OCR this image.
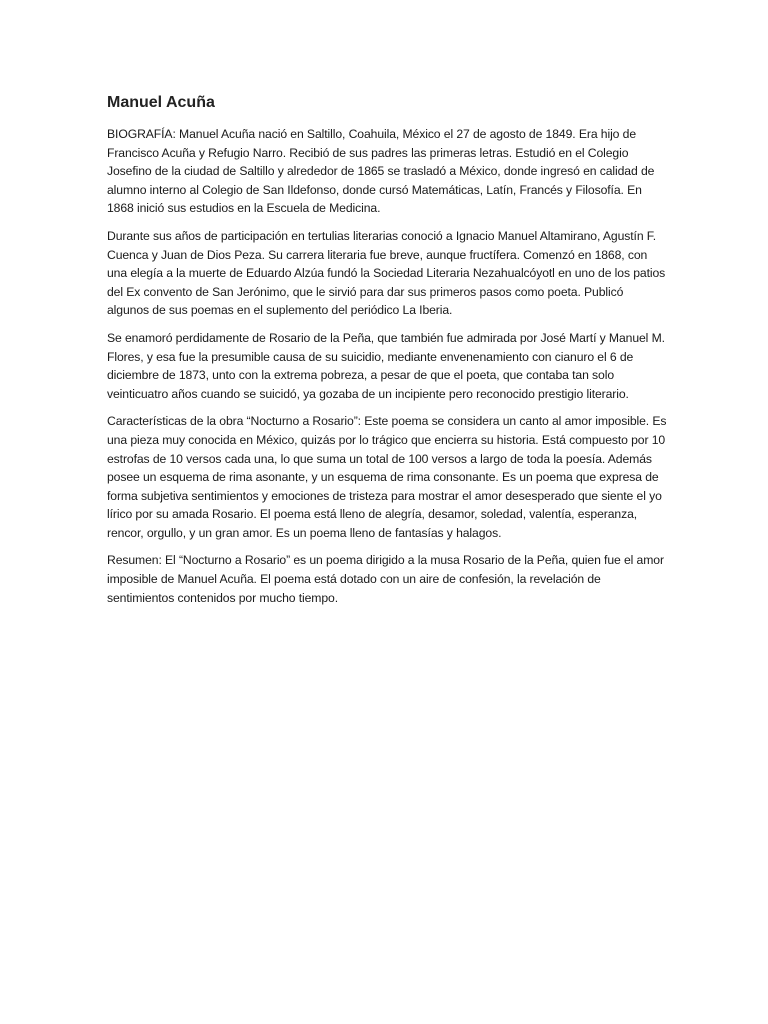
Manuel Acuña

BIOGRAFÍA: Manuel Acuña nació en Saltillo, Coahuila, México el 27 de agosto de 1849. Era hijo de Francisco Acuña y Refugio Narro. Recibió de sus padres las primeras letras. Estudió en el Colegio Josefino de la ciudad de Saltillo y alrededor de 1865 se trasladó a México, donde ingresó en calidad de alumno interno al Colegio de San Ildefonso, donde cursó Matemáticas, Latín, Francés y Filosofía. En 1868 inició sus estudios en la Escuela de Medicina.

Durante sus años de participación en tertulias literarias conoció a Ignacio Manuel Altamirano, Agustín F. Cuenca y Juan de Dios Peza. Su carrera literaria fue breve, aunque fructífera. Comenzó en 1868, con una elegía a la muerte de Eduardo Alzúa fundó la Sociedad Literaria Nezahualcóyotl en uno de los patios del Ex convento de San Jerónimo, que le sirvió para dar sus primeros pasos como poeta. Publicó algunos de sus poemas en el suplemento del periódico La Iberia.

Se enamoró perdidamente de Rosario de la Peña, que también fue admirada por José Martí y Manuel M. Flores, y esa fue la presumible causa de su suicidio, mediante envenenamiento con cianuro el 6 de diciembre de 1873, unto con la extrema pobreza, a pesar de que el poeta, que contaba tan solo veinticuatro años cuando se suicidó, ya gozaba de un incipiente pero reconocido prestigio literario.

Características de la obra “Nocturno a Rosario”: Este poema se considera un canto al amor imposible. Es una pieza muy conocida en México, quizás por lo trágico que encierra su historia. Está compuesto por 10 estrofas de 10 versos cada una, lo que suma un total de 100 versos a largo de toda la poesía. Además posee un esquema de rima asonante, y un esquema de rima consonante. Es un poema que expresa de forma subjetiva sentimientos y emociones de tristeza para mostrar el amor desesperado que siente el yo lírico por su amada Rosario. El poema está lleno de alegría, desamor, soledad, valentía, esperanza, rencor, orgullo, y un gran amor. Es un poema lleno de fantasías y halagos.

Resumen: El “Nocturno a Rosario” es un poema dirigido a la musa Rosario de la Peña, quien fue el amor imposible de Manuel Acuña. El poema está dotado con un aire de confesión, la revelación de sentimientos contenidos por mucho tiempo.
